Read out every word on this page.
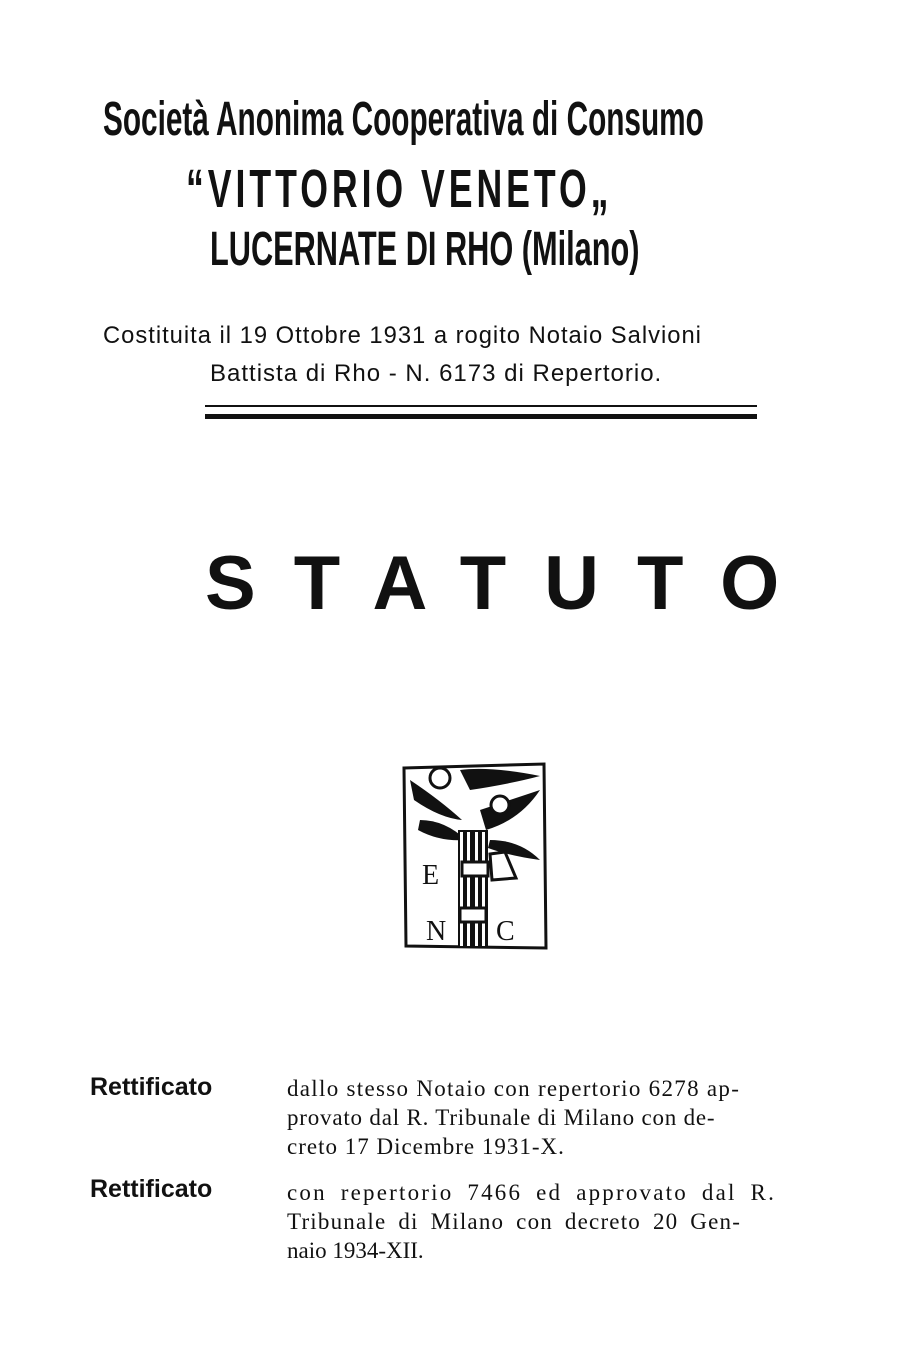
Società Anonima Cooperativa di Consumo
“VITTORIO VENETO„
LUCERNATE DI RHO (Milano)
Costituita il 19 Ottobre 1931 a rogito Notaio Salvioni
Battista di Rho - N. 6173 di Repertorio.
STATUTO
E
N C
Rettificato	dallo stesso Notaio con repertorio 6278 ap-
provato dal R. Tribunale di Milano con de-
creto 17 Dicembre 1931-X.
Rettificato	con repertorio 7466 ed approvato dal R.
Tribunale di Milano con decreto 20 Gen-
naio 1934-XII.
